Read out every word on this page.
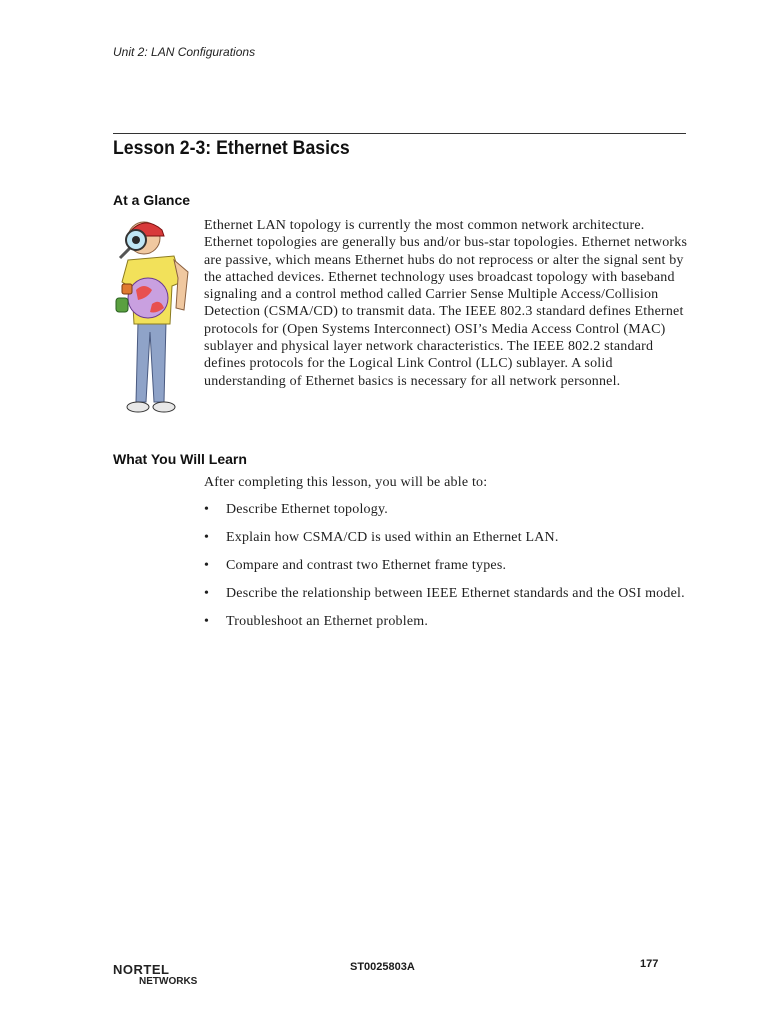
Unit 2: LAN Configurations
Lesson 2-3: Ethernet Basics
At a Glance

Ethernet LAN topology is currently the most common network architecture. Ethernet topologies are generally bus and/or bus-star topologies. Ethernet networks are passive, which means Ethernet hubs do not reprocess or alter the signal sent by the attached devices. Ethernet technology uses broadcast topology with baseband signaling and a control method called Carrier Sense Multiple Access/Collision Detection (CSMA/CD) to transmit data. The IEEE 802.3 standard defines Ethernet protocols for (Open Systems Interconnect) OSI’s Media Access Control (MAC) sublayer and physical layer network characteristics. The IEEE 802.2 standard defines protocols for the Logical Link Control (LLC) sublayer. A solid understanding of Ethernet basics is necessary for all network personnel.

What You Will Learn

After completing this lesson, you will be able to:

• Describe Ethernet topology.
• Explain how CSMA/CD is used within an Ethernet LAN.
• Compare and contrast two Ethernet frame types.
• Describe the relationship between IEEE Ethernet standards and the OSI model.
• Troubleshoot an Ethernet problem.
NORTEL
NETWORKS
ST0025803A	177
